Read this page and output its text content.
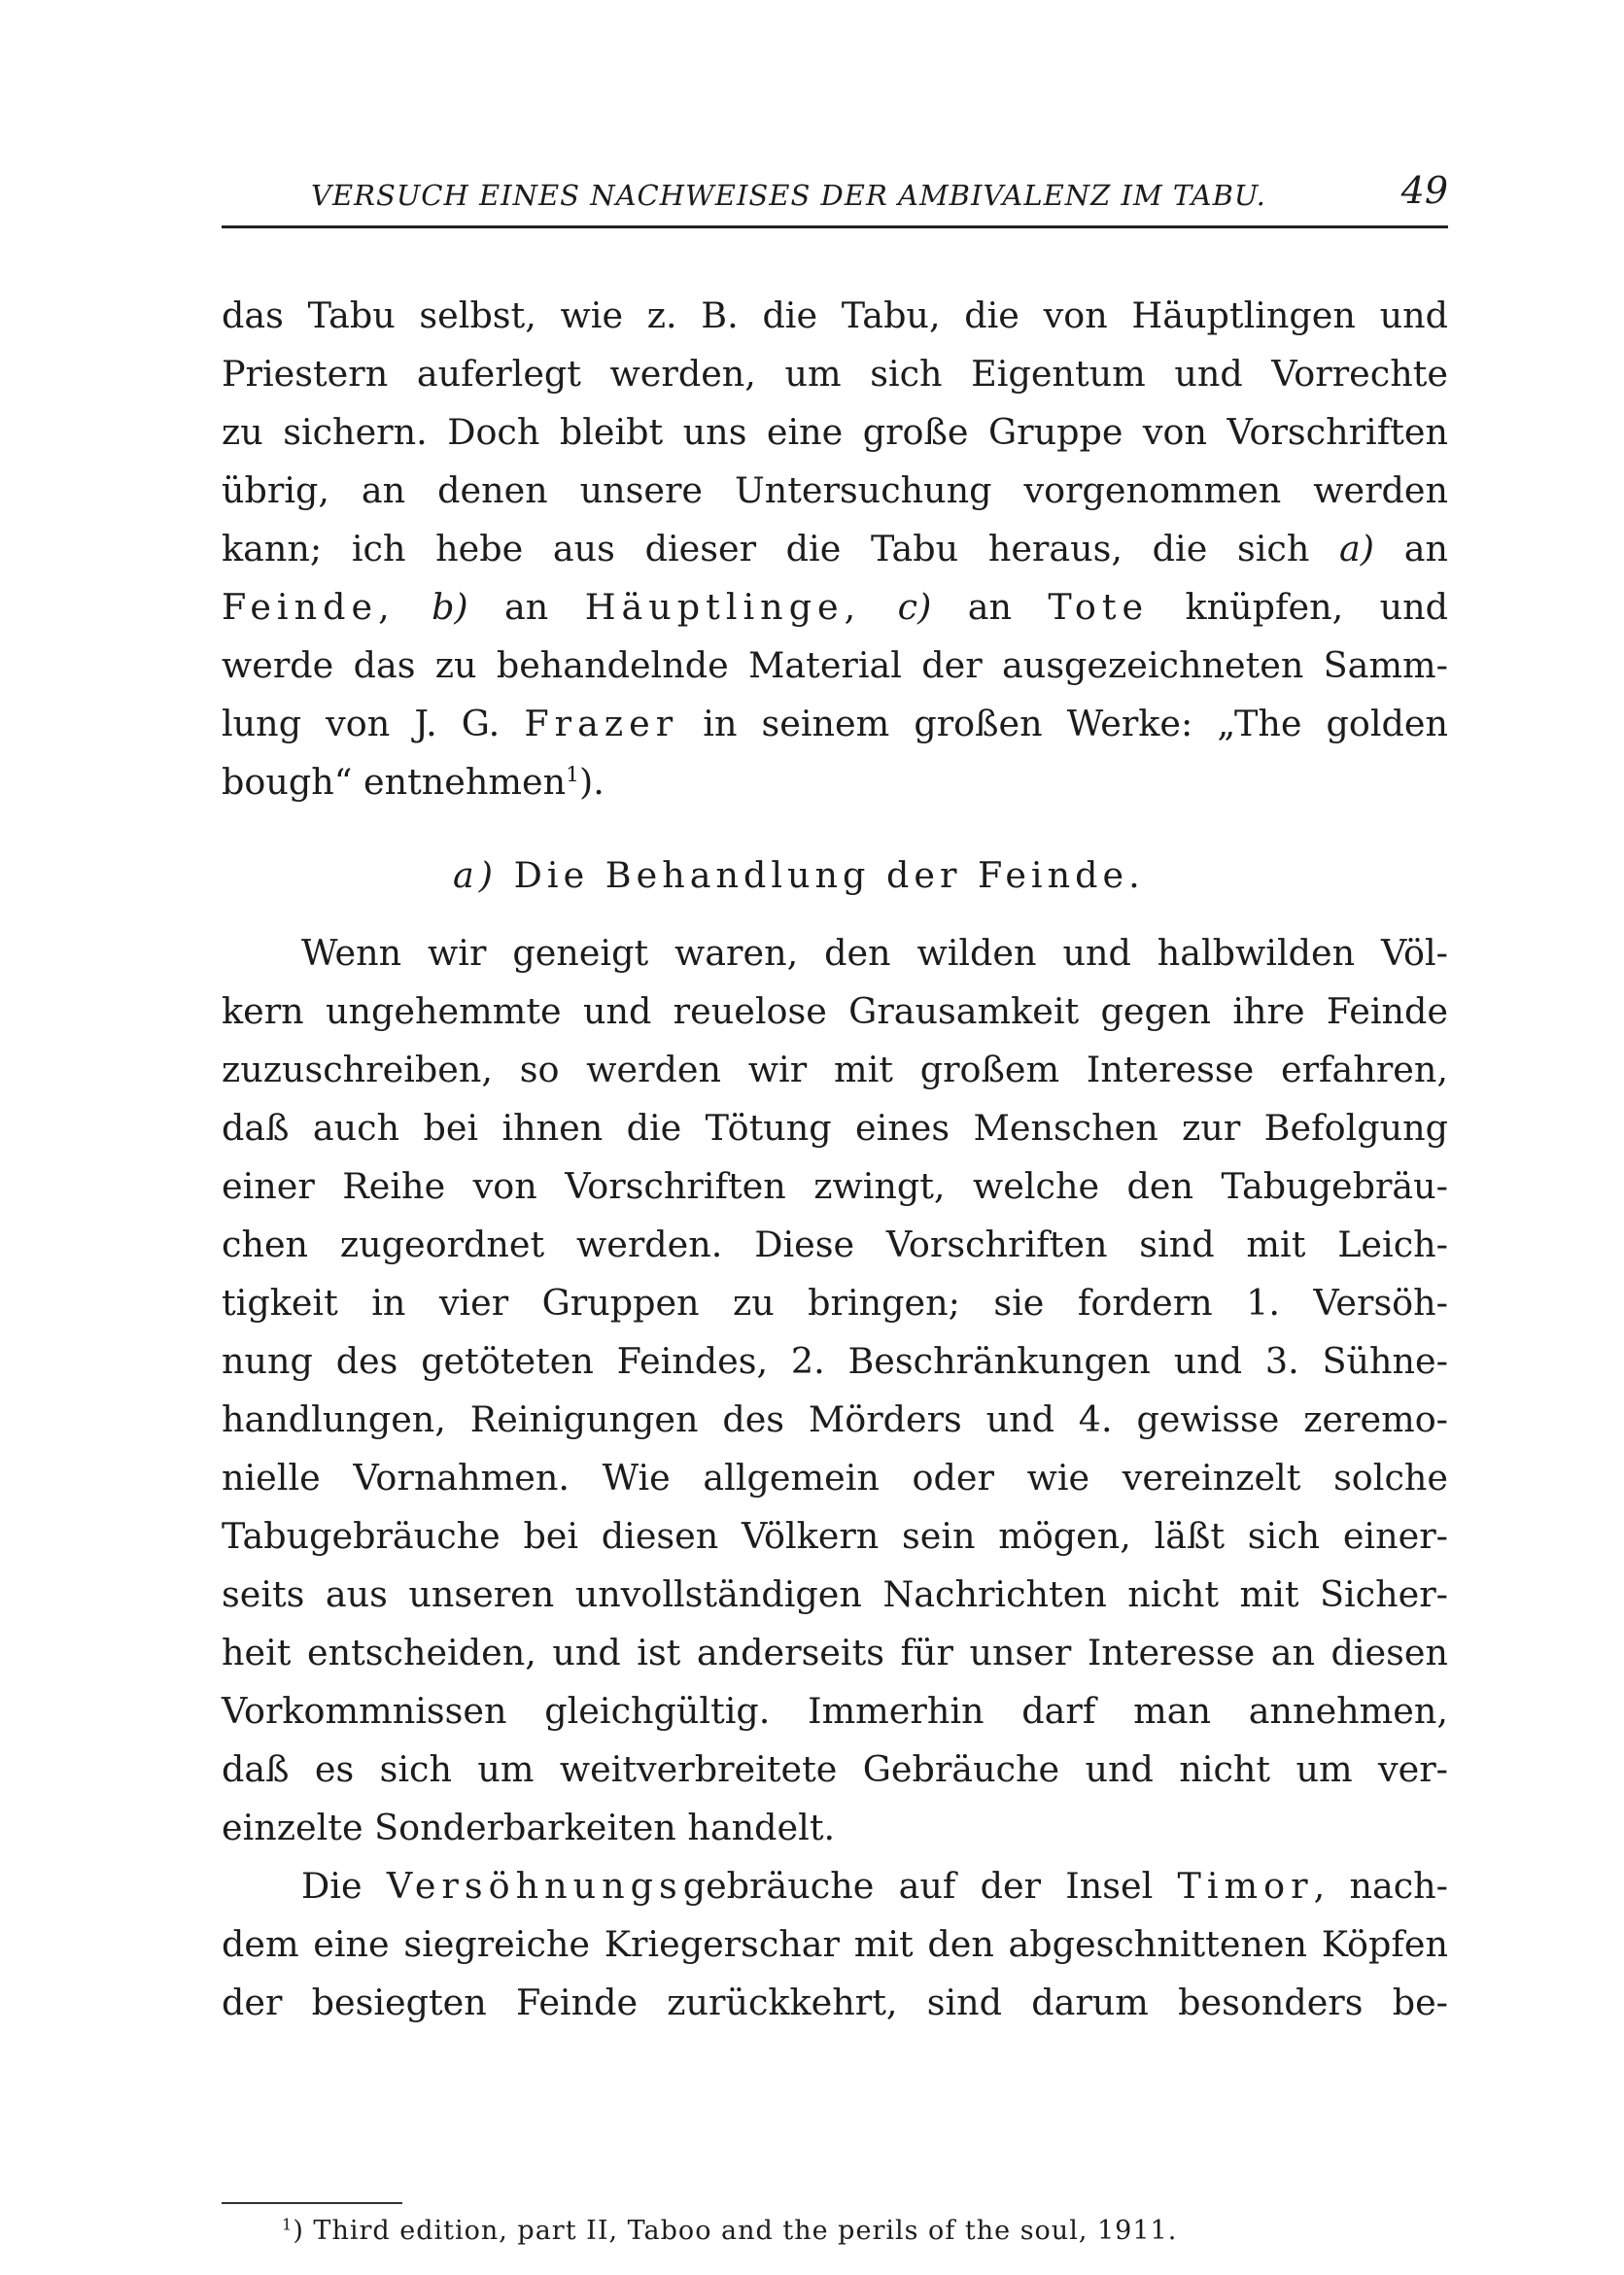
VERSUCH EINES NACHWEISES DER AMBIVALENZ IM TABU.	49
das Tabu selbst, wie z. B. die Tabu, die von Häuptlingen und
Priestern auferlegt werden, um sich Eigentum und Vorrechte
zu sichern. Doch bleibt uns eine große Gruppe von Vorschriften
übrig, an denen unsere Untersuchung vorgenommen werden
kann; ich hebe aus dieser die Tabu heraus, die sich a) an
Feinde, b) an Häuptlinge, c) an Tote knüpfen, und
werde das zu behandelnde Material der ausgezeichneten Samm-
lung von J. G. Frazer in seinem großen Werke: „The golden
bough“ entnehmen$^1$).
a) Die Behandlung der Feinde.
Wenn wir geneigt waren, den wilden und halbwilden Völ-
kern ungehemmte und reuelose Grausamkeit gegen ihre Feinde
zuzuschreiben, so werden wir mit großem Interesse erfahren,
daß auch bei ihnen die Tötung eines Menschen zur Befolgung
einer Reihe von Vorschriften zwingt, welche den Tabugebräu-
chen zugeordnet werden. Diese Vorschriften sind mit Leich-
tigkeit in vier Gruppen zu bringen; sie fordern 1. Versöh-
nung des getöteten Feindes, 2. Beschränkungen und 3. Sühne-
handlungen, Reinigungen des Mörders und 4. gewisse zeremo-
nielle Vornahmen. Wie allgemein oder wie vereinzelt solche
Tabugebräuche bei diesen Völkern sein mögen, läßt sich einer-
seits aus unseren unvollständigen Nachrichten nicht mit Sicher-
heit entscheiden, und ist anderseits für unser Interesse an diesen
Vorkommnissen gleichgültig. Immerhin darf man annehmen,
daß es sich um weitverbreitete Gebräuche und nicht um ver-
einzelte Sonderbarkeiten handelt.
Die Versöhnungsgebräuche auf der Insel Timor, nach-
dem eine siegreiche Kriegerschar mit den abgeschnittenen Köpfen
der besiegten Feinde zurückkehrt, sind darum besonders be-
$^1$) Third edition, part II, Taboo and the perils of the soul, 1911.
